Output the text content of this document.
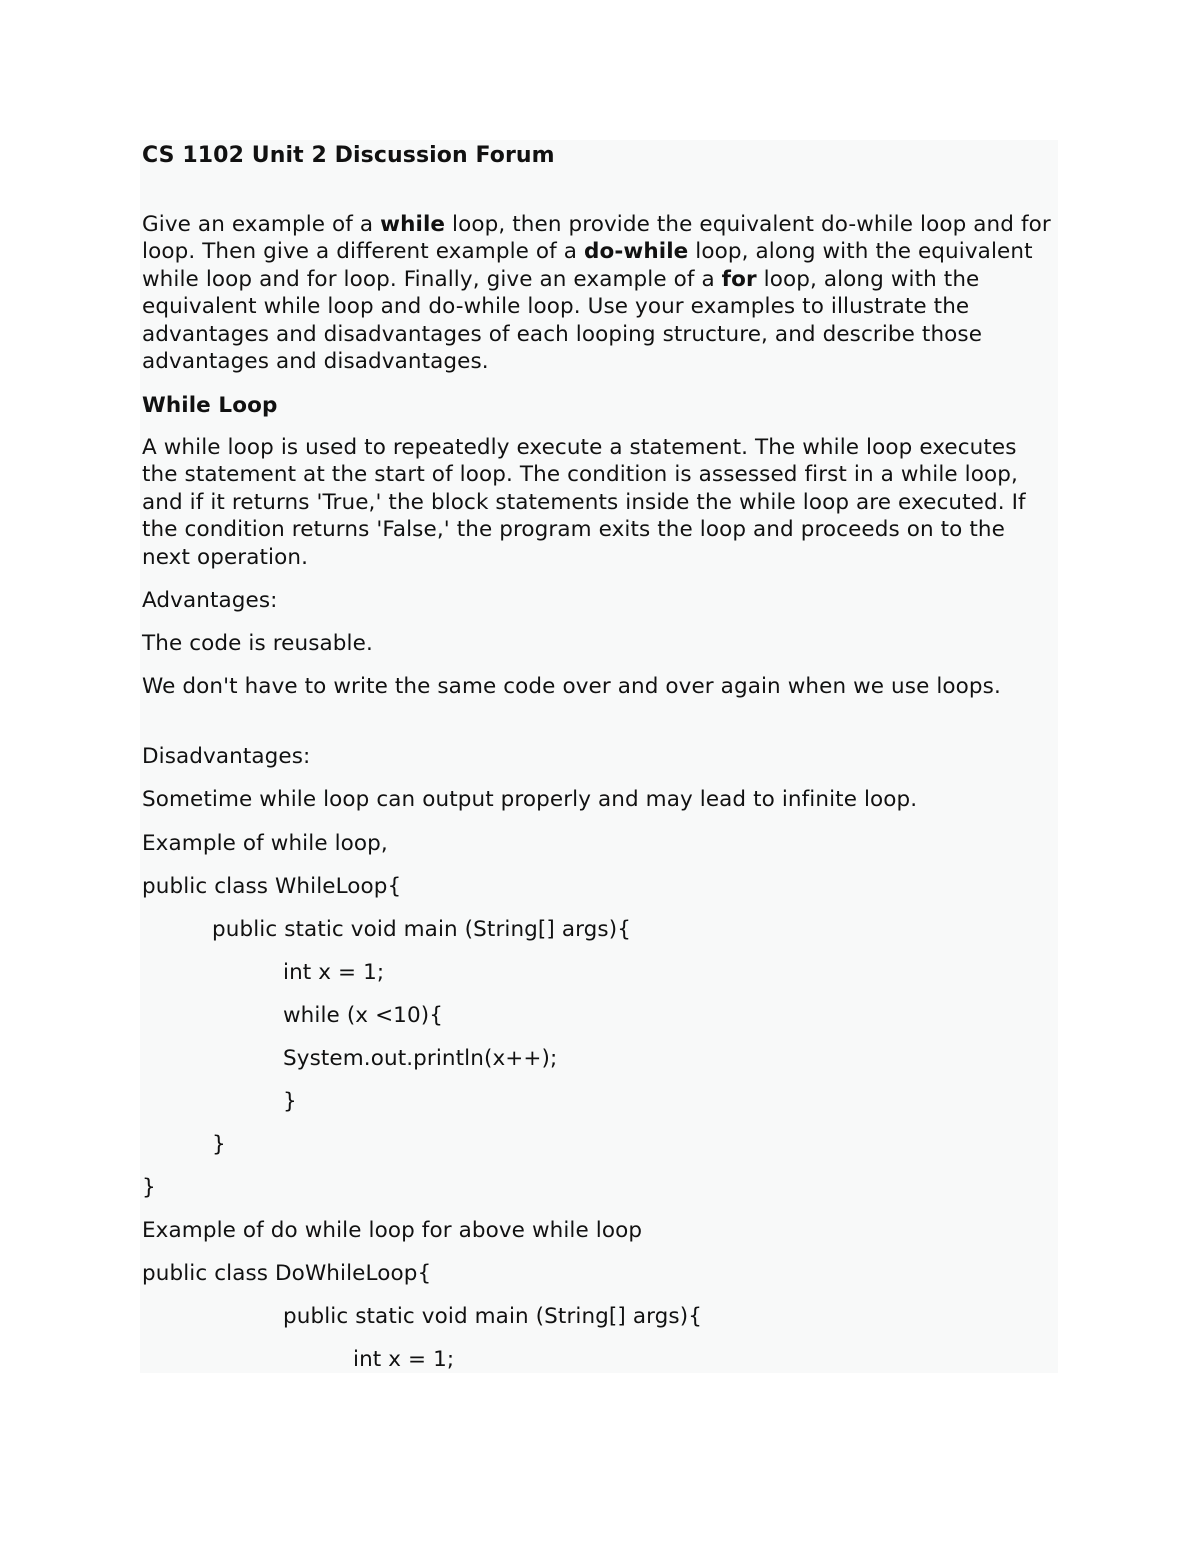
CS 1102 Unit 2 Discussion Forum

Give an example of a while loop, then provide the equivalent do-while loop and for loop. Then give a different example of a do-while loop, along with the equivalent while loop and for loop. Finally, give an example of a for loop, along with the equivalent while loop and do-while loop. Use your examples to illustrate the advantages and disadvantages of each looping structure, and describe those advantages and disadvantages.

While Loop

A while loop is used to repeatedly execute a statement. The while loop executes the statement at the start of loop. The condition is assessed first in a while loop, and if it returns 'True,' the block statements inside the while loop are executed. If the condition returns 'False,' the program exits the loop and proceeds on to the next operation.

Advantages:

The code is reusable.

We don't have to write the same code over and over again when we use loops.

Disadvantages:

Sometime while loop can output properly and may lead to infinite loop.

Example of while loop,

public class WhileLoop{

public static void main (String[] args){

int x = 1;

while (x <10){

System.out.println(x++);

}

}

}

Example of do while loop for above while loop

public class DoWhileLoop{

public static void main (String[] args){

int x = 1;
